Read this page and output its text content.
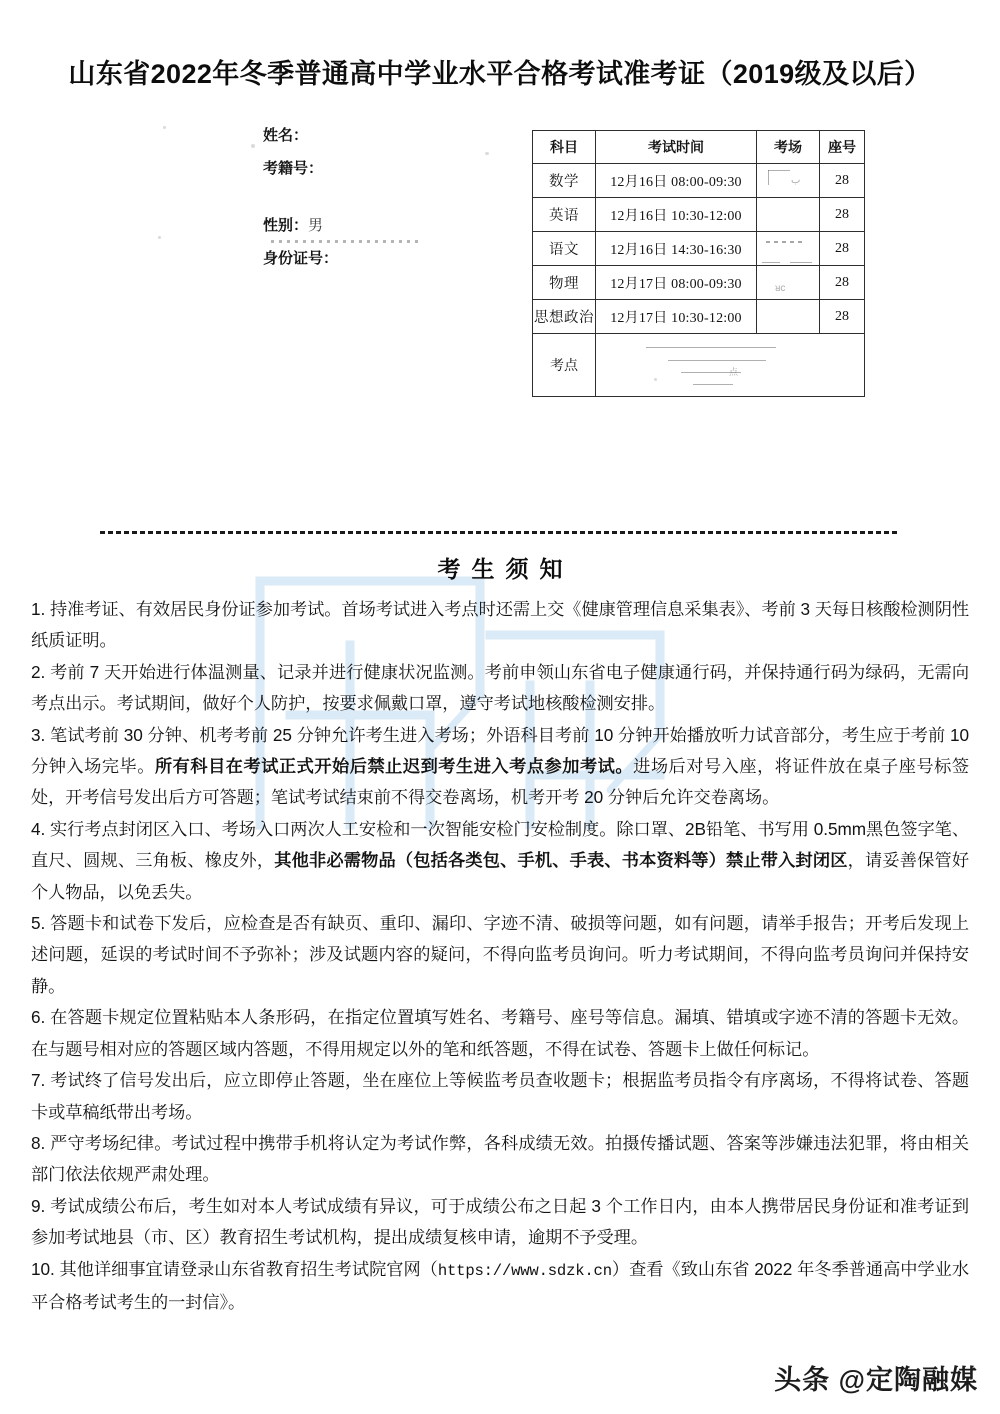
山东省2022年冬季普通高中学业水平合格考试准考证（2019级及以后）
姓名：
考籍号：
性别：男
身份证号：
科目	考试时间	考场	座号
数学	12月16日 08:00-09:30	ب	28
英语	12月16日 10:30-12:00		28
语文	12月16日 14:30-16:30		28
物理	12月17日 08:00-09:30	ᴚᴄ	28
思想政治	12月17日 10:30-12:00		28
考点	点		
考生须知
1. 持准考证、有效居民身份证参加考试。首场考试进入考点时还需上交《健康管理信息采集表》、考前 3 天每日核酸检测阴性纸质证明。
2. 考前 7 天开始进行体温测量、记录并进行健康状况监测。考前申领山东省电子健康通行码，并保持通行码为绿码，无需向考点出示。考试期间，做好个人防护，按要求佩戴口罩，遵守考试地核酸检测安排。
3. 笔试考前 30 分钟、机考考前 25 分钟允许考生进入考场；外语科目考前 10 分钟开始播放听力试音部分，考生应于考前 10 分钟入场完毕。所有科目在考试正式开始后禁止迟到考生进入考点参加考试。进场后对号入座，将证件放在桌子座号标签处，开考信号发出后方可答题；笔试考试结束前不得交卷离场，机考开考 20 分钟后允许交卷离场。
4. 实行考点封闭区入口、考场入口两次人工安检和一次智能安检门安检制度。除口罩、2B铅笔、书写用 0.5mm黑色签字笔、直尺、圆规、三角板、橡皮外，其他非必需物品（包括各类包、手机、手表、书本资料等）禁止带入封闭区，请妥善保管好个人物品，以免丢失。
5. 答题卡和试卷下发后，应检查是否有缺页、重印、漏印、字迹不清、破损等问题，如有问题，请举手报告；开考后发现上述问题，延误的考试时间不予弥补；涉及试题内容的疑问，不得向监考员询问。听力考试期间，不得向监考员询问并保持安静。
6. 在答题卡规定位置粘贴本人条形码，在指定位置填写姓名、考籍号、座号等信息。漏填、错填或字迹不清的答题卡无效。在与题号相对应的答题区域内答题，不得用规定以外的笔和纸答题，不得在试卷、答题卡上做任何标记。
7. 考试终了信号发出后，应立即停止答题，坐在座位上等候监考员查收题卡；根据监考员指令有序离场，不得将试卷、答题卡或草稿纸带出考场。
8. 严守考场纪律。考试过程中携带手机将认定为考试作弊，各科成绩无效。拍摄传播试题、答案等涉嫌违法犯罪，将由相关部门依法依规严肃处理。
9. 考试成绩公布后，考生如对本人考试成绩有异议，可于成绩公布之日起 3 个工作日内，由本人携带居民身份证和准考证到参加考试地县（市、区）教育招生考试机构，提出成绩复核申请，逾期不予受理。
10. 其他详细事宜请登录山东省教育招生考试院官网（https://www.sdzk.cn）查看《致山东省 2022 年冬季普通高中学业水平合格考试考生的一封信》。
头条 @定陶融媒
